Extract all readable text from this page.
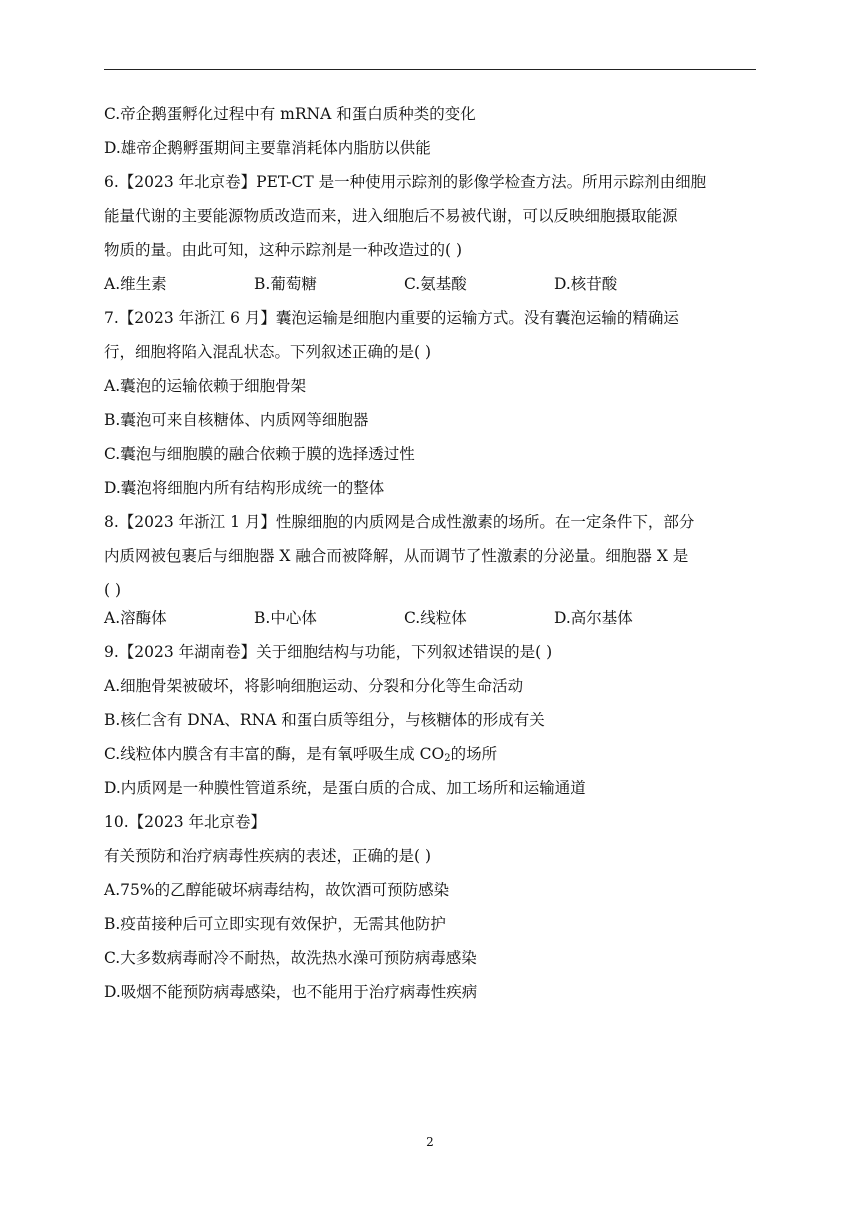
C.帝企鹅蛋孵化过程中有 mRNA 和蛋白质种类的变化
D.雄帝企鹅孵蛋期间主要靠消耗体内脂肪以供能
6.【2023 年北京卷】PET-CT 是一种使用示踪剂的影像学检查方法。所用示踪剂由细胞
能量代谢的主要能源物质改造而来，进入细胞后不易被代谢，可以反映细胞摄取能源
物质的量。由此可知，这种示踪剂是一种改造过的( )
A.维生素	B.葡萄糖	C.氨基酸	D.核苷酸
7.【2023 年浙江 6 月】囊泡运输是细胞内重要的运输方式。没有囊泡运输的精确运
行，细胞将陷入混乱状态。下列叙述正确的是( )
A.囊泡的运输依赖于细胞骨架
B.囊泡可来自核糖体、内质网等细胞器
C.囊泡与细胞膜的融合依赖于膜的选择透过性
D.囊泡将细胞内所有结构形成统一的整体
8.【2023 年浙江 1 月】性腺细胞的内质网是合成性激素的场所。在一定条件下，部分
内质网被包裹后与细胞器 X 融合而被降解，从而调节了性激素的分泌量。细胞器 X 是
( )
A.溶酶体	B.中心体	C.线粒体	D.高尔基体
9.【2023 年湖南卷】关于细胞结构与功能，下列叙述错误的是( )
A.细胞骨架被破坏，将影响细胞运动、分裂和分化等生命活动
B.核仁含有 DNA、RNA 和蛋白质等组分，与核糖体的形成有关
C.线粒体内膜含有丰富的酶，是有氧呼吸生成 $CO_2$的场所
D.内质网是一种膜性管道系统，是蛋白质的合成、加工场所和运输通道
10.【2023 年北京卷】
有关预防和治疗病毒性疾病的表述，正确的是( )
A.75%的乙醇能破坏病毒结构，故饮酒可预防感染
B.疫苗接种后可立即实现有效保护，无需其他防护
C.大多数病毒耐冷不耐热，故洗热水澡可预防病毒感染
D.吸烟不能预防病毒感染，也不能用于治疗病毒性疾病
2
